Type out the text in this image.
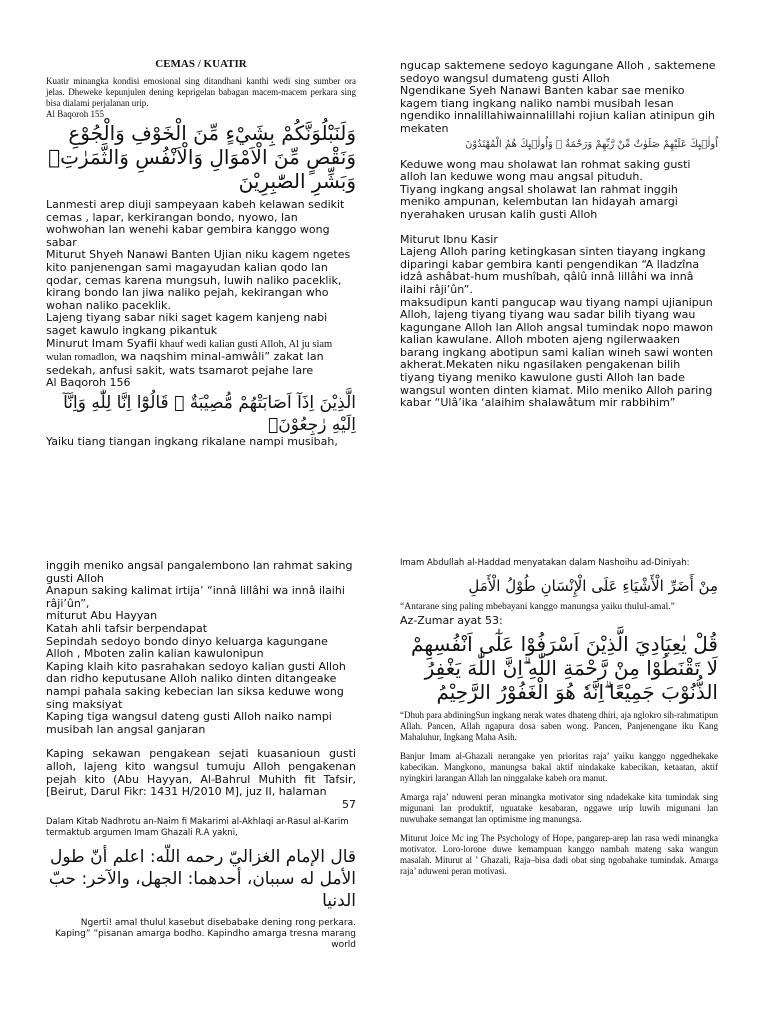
CEMAS / KUATIR

Kuatir minangka kondisi emosional sing ditandhani kanthi wedi sing sumber ora jelas. Dheweke kepunjulen dening keprigelan babagan macem-macem perkara sing bisa dialami perjalanan urip.

Al Baqoroh 155

وَلَنَبْلُوَنَّكُمْ بِشَيْءٍ مِّنَ الْخَوْفِ وَالْجُوْعِ وَنَقْصٍ مِّنَ الْاَمْوَالِ وَالْاَنْفُسِ وَالثَّمَرٰتِۗ وَبَشِّرِ الصّٰبِرِيْنَ

Lanmesti arep diuji sampeyaan kabeh kelawan sedikit cemas , lapar, kerkirangan bondo, nyowo, lan wohwohan lan wenehi kabar gembira kanggo wong sabar
Miturut Shyeh Nanawi Banten Ujian niku kagem ngetes kito panjenengan sami magayudan kalian qodo lan qodar, cemas karena mungsuh, luwih naliko paceklik, kirang bondo lan jiwa naliko pejah, kekirangan who wohan naliko paceklik.
Lajeng tiyang sabar niki saget kagem kanjeng nabi saget kawulo ingkang pikantuk

Minurut Imam Syafii khauf wedi kalian gusti Alloh, Al ju siam wulan romadlon, wa naqshim minal-amwâli” zakat lan sedekah, anfusi sakit, wats tsamarot pejahe lare
Al Baqoroh 156

الَّذِيْنَ اِذَآ اَصَابَتْهُمْ مُّصِيْبَةٌ ۗ قَالُوْٓا اِنَّا لِلّٰهِ وَاِنَّآ اِلَيْهِ رٰجِعُوْنَۗ

Yaiku tiang tiangan ingkang rikalane nampi musibah,

ngucap saktemene sedoyo kagungane Alloh , saktemene sedoyo wangsul dumateng gusti Alloh
Ngendikane Syeh Nanawi Banten kabar sae meniko kagem tiang ingkang naliko nambi musibah lesan ngendiko innalillahiwainnalillahi rojiun kalian atinipun gih mekaten

اُولٰۤىِٕكَ عَلَيْهِمْ صَلَوٰتٌ مِّنْ رَّبِّهِمْ وَرَحْمَةٌ ۗ وَاُولٰۤىِٕكَ هُمُ الْمُهْتَدُوْنَ

Keduwe wong mau sholawat lan rohmat saking gusti alloh lan keduwe wong mau angsal pituduh.
Tiyang ingkang angsal sholawat lan rahmat inggih meniko ampunan, kelembutan lan hidayah amargi nyerahaken urusan kalih gusti Alloh

Miturut Ibnu Kasir
Lajeng Alloh paring ketingkasan sinten tiayang ingkang diparingi kabar gembira kanti pengendikan “A lladzîna idzâ ashâbat-hum mushîbah, qâlû innâ lillâhi wa innâ ilaihi râji’ûn”.
maksudipun kanti pangucap wau tiyang nampi ujianipun Alloh, lajeng tiyang tiyang wau sadar bilih tiyang wau kagungane Alloh lan Alloh angsal tumindak nopo mawon kalian kawulane. Alloh mboten ajeng ngilerwaaken barang ingkang abotipun sami kalian wineh sawi wonten akherat.Mekaten niku ngasilaken pengakenan bilih tiyang tiyang meniko kawulone gusti Alloh lan bade wangsul wonten dinten kiamat. Milo meniko Alloh paring kabar “Ulâ’ika ‘alaihim shalawâtum mir rabbihim”

inggih meniko angsal pangalembono lan rahmat saking gusti Alloh
Anapun saking kalimat irtija’ “innâ lillâhi wa innâ ilaihi râji’ûn”,
miturut Abu Hayyan
Katah ahli tafsir berpendapat
Sepindah sedoyo bondo dinyo keluarga kagungane Alloh , Mboten zalin kalian kawulonipun
Kaping klaih kito pasrahakan sedoyo kalian gusti Alloh dan ridho keputusane Alloh naliko dinten ditangeake nampi pahala saking kebecian lan siksa keduwe wong sing maksiyat
Kaping tiga wangsul dateng gusti Alloh naiko nampi musibah lan angsal ganjaran

Kaping sekawan pengakean sejati kuasanioun gusti alloh, lajeng kito wangsul tumuju Alloh pengakenan pejah kito (Abu Hayyan, Al-Bahrul Muhith fit Tafsir, [Beirut, Darul Fikr: 1431 H/2010 M], juz II, halaman

57

Dalam Kitab Nadhrotu an-Naim fi Makarimi al-Akhlaqi ar-Rasul al-Karim termaktub argumen Imam Ghazali R.A yakni,

قال الإمام الغزاليّ رحمه اللّه: اعلم أنّ طول الأمل له سببان، أحدهما: الجهل، والآخر: حبّ الدنيا

Ngerti! amal thulul kasebut disebabake dening rong perkara. Kaping” ”pisanan amarga bodho. Kapindho amarga tresna marang world

Imam Abdullah al-Haddad menyatakan dalam Nashoihu ad-Diniyah:

مِنْ أَضَرِّ الْأَشْيَاءِ عَلَى الْإِنْسَانِ طُوْلُ الْأَمَلِ

“Antarane sing paling mbebayani kanggo manungsa yaiku thulul-amal.”

Az-Zumar ayat 53:

قُلْ يٰعِبَادِيَ الَّذِيْنَ اَسْرَفُوْا عَلٰٓى اَنْفُسِهِمْ لَا تَقْنَطُوْا مِنْ رَّحْمَةِ اللّٰهِ ۗاِنَّ اللّٰهَ يَغْفِرُ الذُّنُوْبَ جَمِيْعًا ۗاِنَّهٗ هُوَ الْغَفُوْرُ الرَّحِيْمُ

“Dhuh para abdiningSun ingkang nerak wates dhateng dhiri, aja nglokro sih-rahmatipun Allah. Pancen, Allah ngapura dosa saben wong. Pancen, Panjenengane iku Kang Mahaluhur, Ingkang Maha Asih.

Banjur Imam al-Ghazali nerangake yen prioritas raja’ yaiku kanggo nggedhekake kabecikan. Mangkono, manungsa bakal aktif nindakake kabecikan, ketaatan, aktif nyingkiri larangan Allah lan ninggalake kabeh ora manut.

Amarga raja’ nduweni peran minangka motivator sing ndadekake kita tumindak sing migunani lan produktif, nguatake kesabaran, nggawe urip luwih migunani lan nuwuhake semangat lan optimisme ing manungsa.

Miturut Joice Mc ing The Psychology of Hope, pangarep-arep lan rasa wedi minangka motivator. Loro-lorone duwe kemampuan kanggo nambah mateng saka wangun masalah. Miturut al ’ Ghazali, Raja–bisa dadi obat sing ngobahake tumindak. Amarga raja’ nduweni peran motivasi.
